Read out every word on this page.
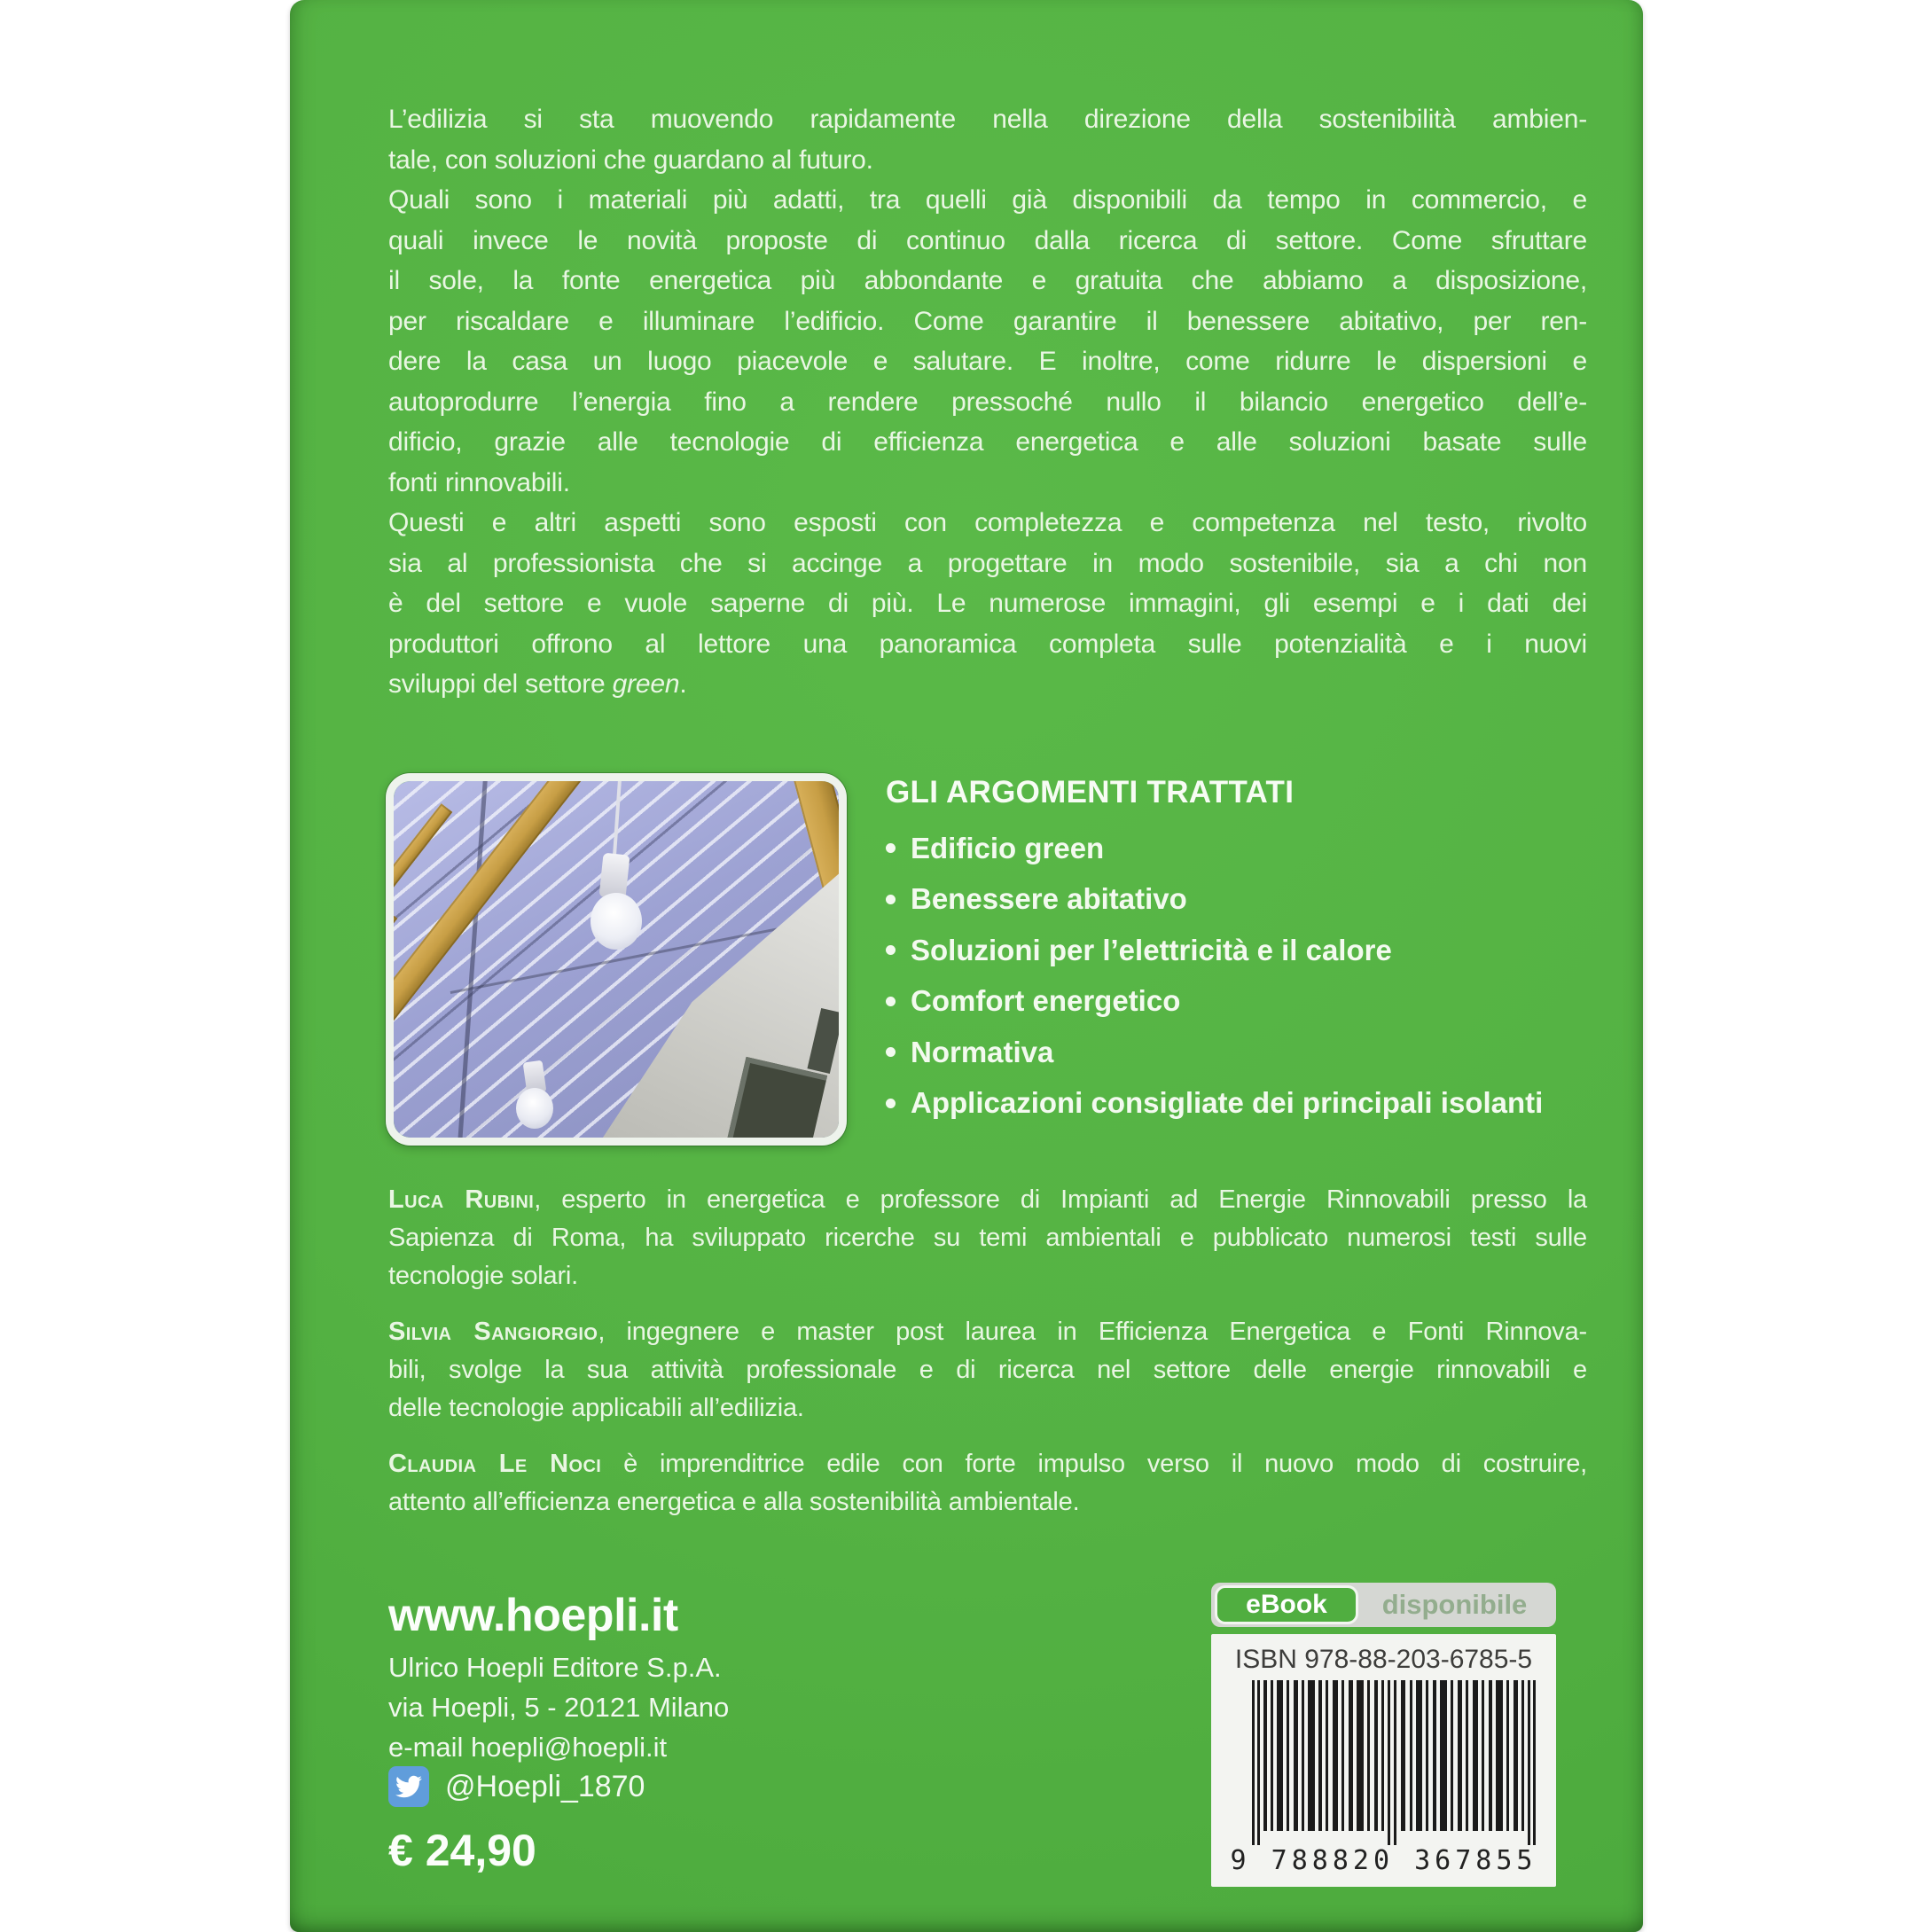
L’edilizia si sta muovendo rapidamente nella direzione della sostenibilità ambien-
tale, con soluzioni che guardano al futuro.
Quali sono i materiali più adatti, tra quelli già disponibili da tempo in commercio, e
quali invece le novità proposte di continuo dalla ricerca di settore. Come sfruttare
il sole, la fonte energetica più abbondante e gratuita che abbiamo a disposizione,
per riscaldare e illuminare l’edificio. Come garantire il benessere abitativo, per ren-
dere la casa un luogo piacevole e salutare. E inoltre, come ridurre le dispersioni e
autoprodurre l’energia fino a rendere pressoché nullo il bilancio energetico dell’e-
dificio, grazie alle tecnologie di efficienza energetica e alle soluzioni basate sulle
fonti rinnovabili.
Questi e altri aspetti sono esposti con completezza e competenza nel testo, rivolto
sia al professionista che si accinge a progettare in modo sostenibile, sia a chi non
è del settore e vuole saperne di più. Le numerose immagini, gli esempi e i dati dei
produttori offrono al lettore una panoramica completa sulle potenzialità e i nuovi
sviluppi del settore green.
GLI ARGOMENTI TRATTATI
Edificio green
Benessere abitativo
Soluzioni per l’elettricità e il calore
Comfort energetico
Normativa
Applicazioni consigliate dei principali isolanti
Luca Rubini, esperto in energetica e professore di Impianti ad Energie Rinnovabili presso la
Sapienza di Roma, ha sviluppato ricerche su temi ambientali e pubblicato numerosi testi sulle
tecnologie solari.
Silvia Sangiorgio, ingegnere e master post laurea in Efficienza Energetica e Fonti Rinnova-
bili, svolge la sua attività professionale e di ricerca nel settore delle energie rinnovabili e
delle tecnologie applicabili all’edilizia.
Claudia Le Noci è imprenditrice edile con forte impulso verso il nuovo modo di costruire,
attento all’efficienza energetica e alla sostenibilità ambientale.
www.hoepli.it
Ulrico Hoepli Editore S.p.A.
via Hoepli, 5 - 20121 Milano
e-mail hoepli@hoepli.it
@Hoepli_1870
€ 24,90
eBook	disponibile
ISBN 978-88-203-6785-5
9 788820 367855
